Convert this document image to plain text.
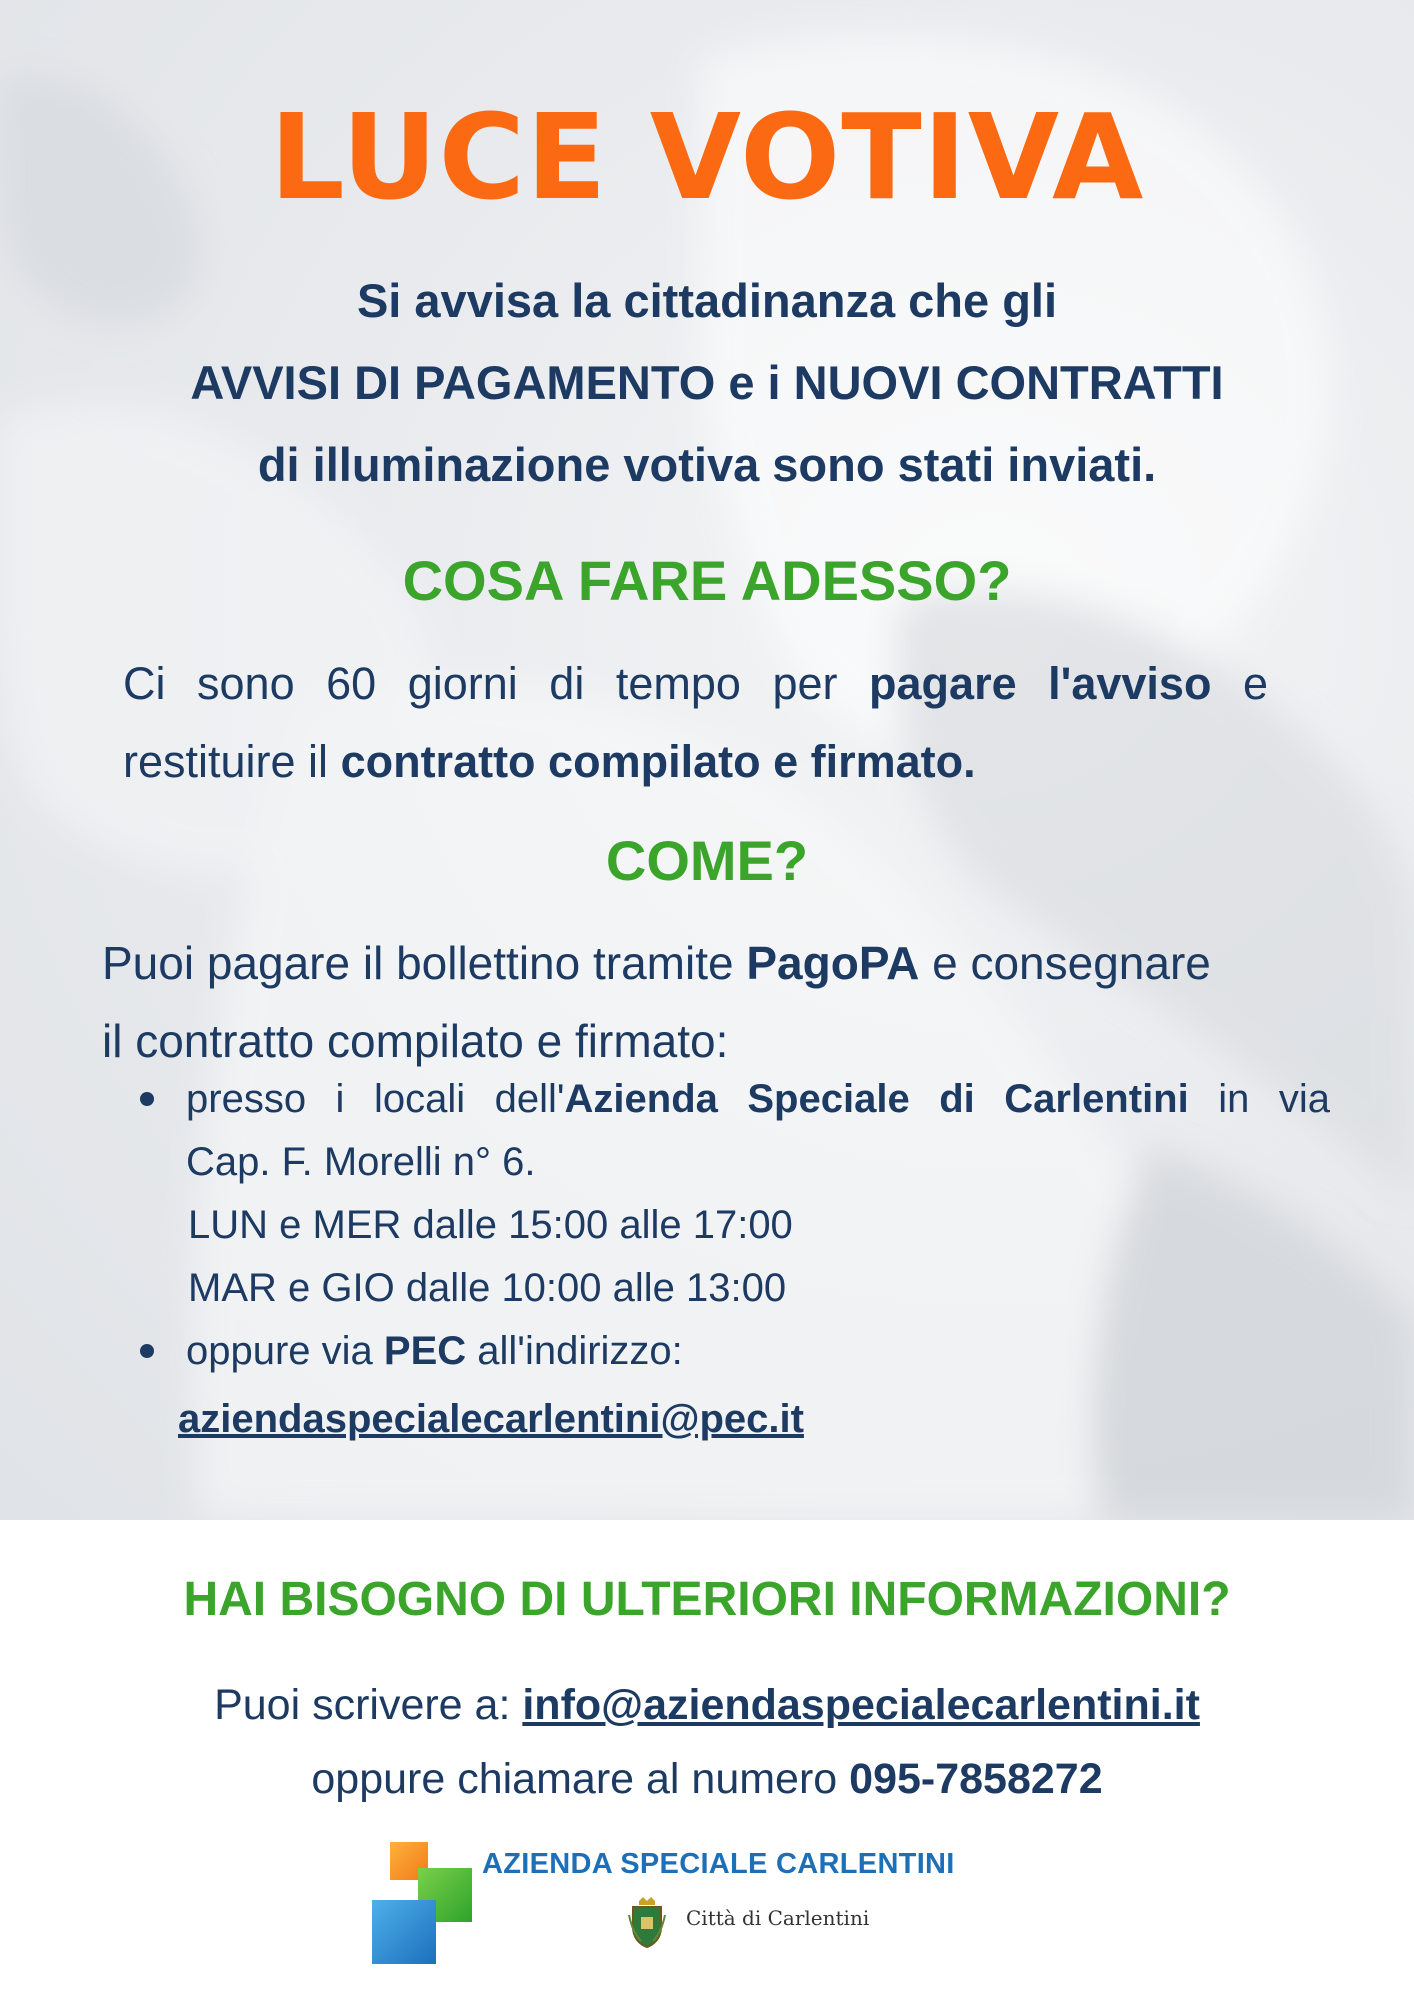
LUCE VOTIVA
Si avvisa la cittadinanza che gli
AVVISI DI PAGAMENTO e i NUOVI CONTRATTI
di illuminazione votiva sono stati inviati.
COSA FARE ADESSO?
Ci sono 60 giorni di tempo per pagare l'avviso e
restituire il contratto compilato e firmato.
COME?
Puoi pagare il bollettino tramite PagoPA e consegnare
il contratto compilato e firmato:
presso i locali dell'Azienda Speciale di Carlentini in via
Cap. F. Morelli n° 6.
LUN e MER dalle 15:00 alle 17:00
MAR e GIO dalle 10:00 alle 13:00
oppure via PEC all'indirizzo:
aziendaspecialecarlentini@pec.it
HAI BISOGNO DI ULTERIORI INFORMAZIONI?
Puoi scrivere a: info@aziendaspecialecarlentini.it
oppure chiamare al numero 095-7858272
AZIENDA SPECIALE CARLENTINI
Città di Carlentini
